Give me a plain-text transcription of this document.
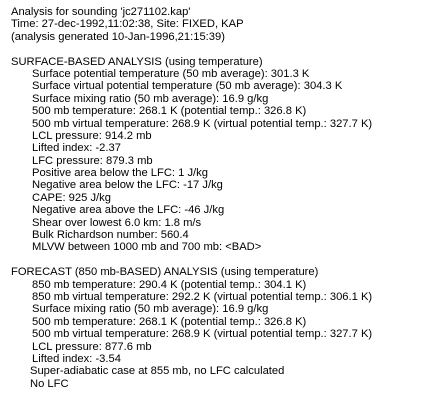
Analysis for sounding 'jc271102.kap'
Time: 27-dec-1992,11:02:38, Site: FIXED, KAP
(analysis generated 10-Jan-1996,21:15:39)
SURFACE-BASED ANALYSIS (using temperature)
Surface potential temperature (50 mb average): 301.3 K
Surface virtual potential temperature (50 mb average): 304.3 K
Surface mixing ratio (50 mb average): 16.9 g/kg
500 mb temperature: 268.1 K (potential temp.: 326.8 K)
500 mb virtual temperature: 268.9 K (virtual potential temp.: 327.7 K)
LCL pressure: 914.2 mb
Lifted index: -2.37
LFC pressure: 879.3 mb
Positive area below the LFC: 1 J/kg
Negative area below the LFC: -17 J/kg
CAPE: 925 J/kg
Negative area above the LFC: -46 J/kg
Shear over lowest 6.0 km: 1.8 m/s
Bulk Richardson number: 560.4
MLVW between 1000 mb and 700 mb: <BAD>
FORECAST (850 mb-BASED) ANALYSIS (using temperature)
850 mb temperature: 290.4 K (potential temp.: 304.1 K)
850 mb virtual temperature: 292.2 K (virtual potential temp.: 306.1 K)
Surface mixing ratio (50 mb average): 16.9 g/kg
500 mb temperature: 268.1 K (potential temp.: 326.8 K)
500 mb virtual temperature: 268.9 K (virtual potential temp.: 327.7 K)
LCL pressure: 877.6 mb
Lifted index: -3.54
Super-adiabatic case at 855 mb, no LFC calculated
No LFC
